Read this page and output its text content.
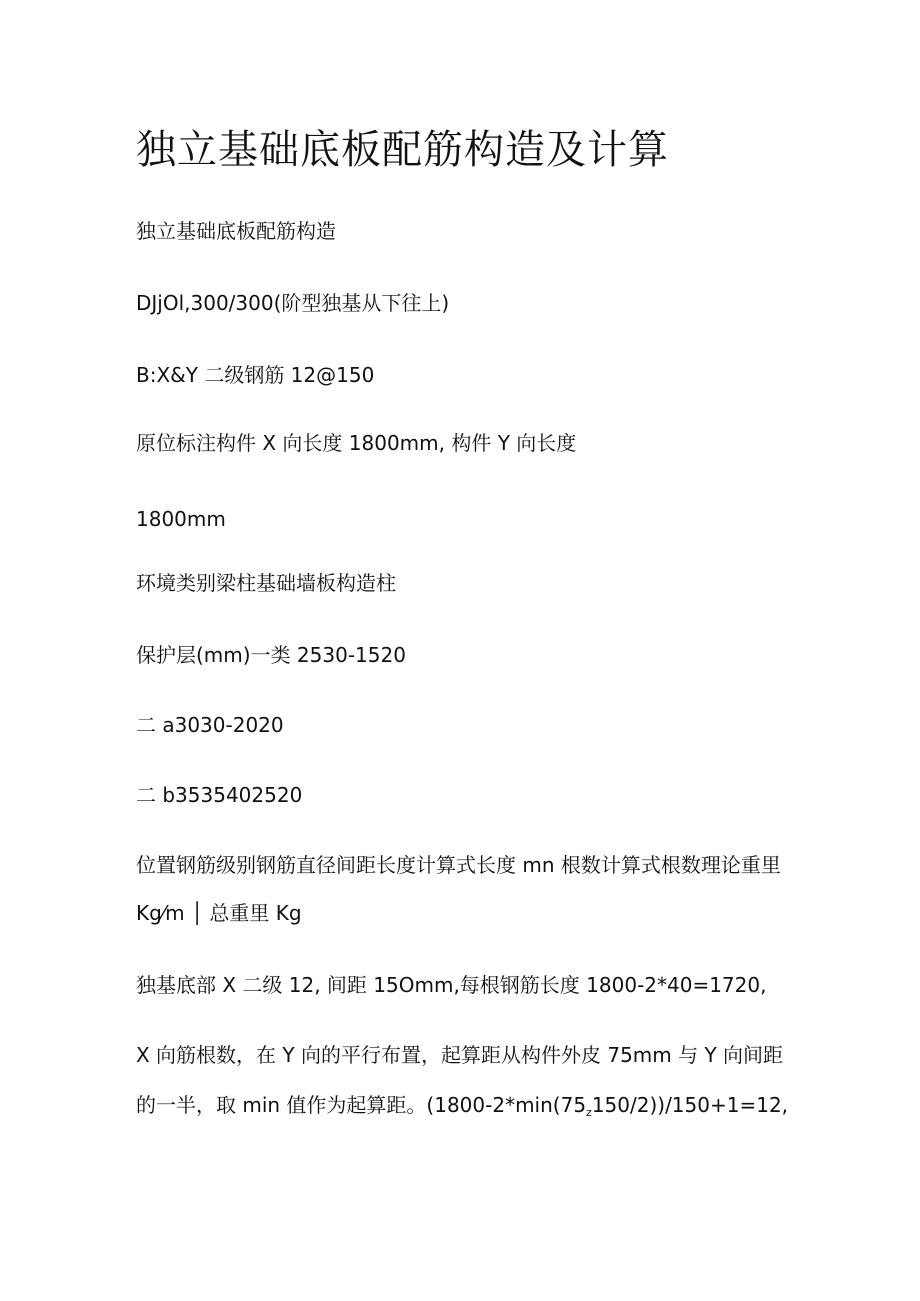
独立基础底板配筋构造及计算

独立基础底板配筋构造

DJjOl,300/300(阶型独基从下往上)

B:X&Y 二级钢筋 12@150

原位标注构件 X 向长度 1800mm, 构件 Y 向长度

1800mm

环境类别梁柱基础墙板构造柱

保护层(mm)一类 2530-1520

二 a3030-2020

二 b3535402520

位置钢筋级别钢筋直径间距长度计算式长度 mn 根数计算式根数理论重里

Kg⁄m │ 总重里 Kg

独基底部 X 二级 12, 间距 15Omm,每根钢筋长度 1800-2*40=1720,

X 向筋根数，在 Y 向的平行布置，起算距从构件外皮 75mm 与 Y 向间距

的一半，取 min 值作为起算距。$(1800-2*\min(75_z150/2))/150+1=12$,
